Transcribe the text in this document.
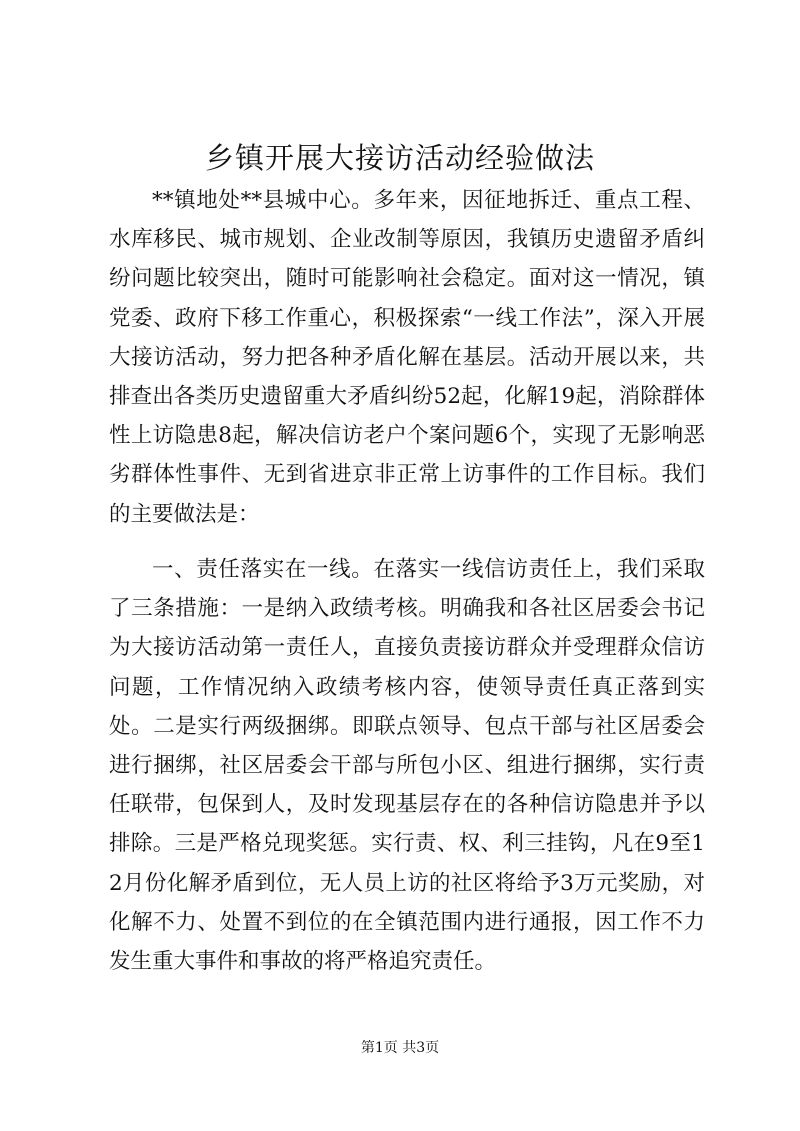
乡镇开展大接访活动经验做法

**镇地处**县城中心。多年来，因征地拆迁、重点工程、水库移民、城市规划、企业改制等原因，我镇历史遗留矛盾纠纷问题比较突出，随时可能影响社会稳定。面对这一情况，镇党委、政府下移工作重心，积极探索“一线工作法”，深入开展大接访活动，努力把各种矛盾化解在基层。活动开展以来，共排查出各类历史遗留重大矛盾纠纷52起，化解19起，消除群体性上访隐患8起，解决信访老户个案问题6个，实现了无影响恶劣群体性事件、无到省进京非正常上访事件的工作目标。我们的主要做法是：

一、责任落实在一线。在落实一线信访责任上，我们采取了三条措施：一是纳入政绩考核。明确我和各社区居委会书记为大接访活动第一责任人，直接负责接访群众并受理群众信访问题，工作情况纳入政绩考核内容，使领导责任真正落到实处。二是实行两级捆绑。即联点领导、包点干部与社区居委会进行捆绑，社区居委会干部与所包小区、组进行捆绑，实行责任联带，包保到人，及时发现基层存在的各种信访隐患并予以排除。三是严格兑现奖惩。实行责、权、利三挂钩，凡在9至12月份化解矛盾到位，无人员上访的社区将给予3万元奖励，对化解不力、处置不到位的在全镇范围内进行通报，因工作不力发生重大事件和事故的将严格追究责任。

第1页 共3页
